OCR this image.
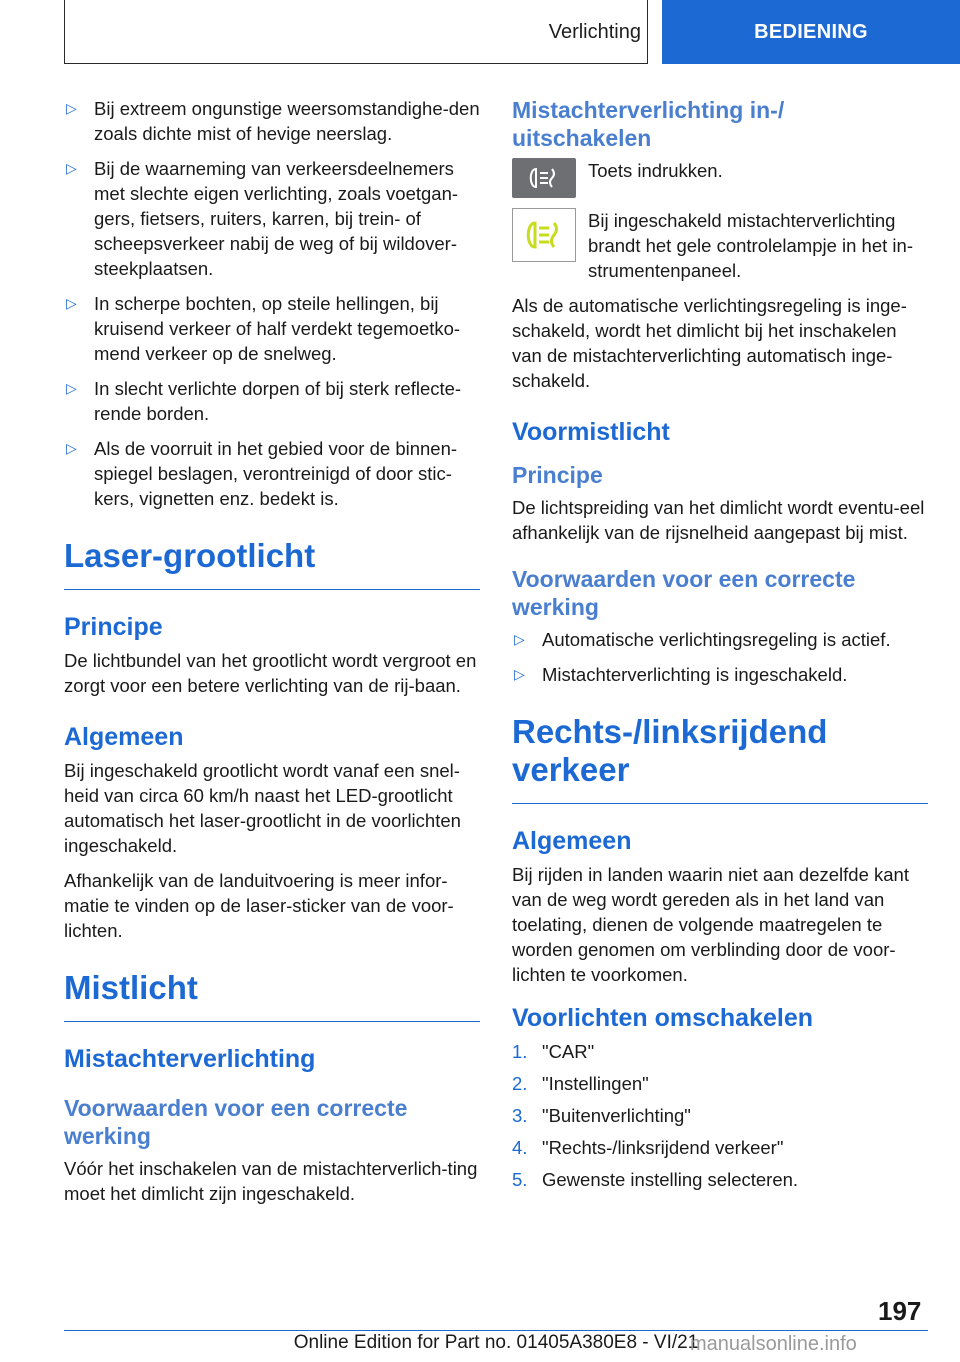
Verlichting	BEDIENING
▷ Bij extreem ongunstige weersomstandighe-den zoals dichte mist of hevige neerslag.
▷ Bij de waarneming van verkeersdeelnemers met slechte eigen verlichting, zoals voetgan-gers, fietsers, ruiters, karren, bij trein- of scheepsverkeer nabij de weg of bij wildover-steekplaatsen.
▷ In scherpe bochten, op steile hellingen, bij kruisend verkeer of half verdekt tegemoetko-mend verkeer op de snelweg.
▷ In slecht verlichte dorpen of bij sterk reflecte-rende borden.
▷ Als de voorruit in het gebied voor de binnen-spiegel beslagen, verontreinigd of door stic-kers, vignetten enz. bedekt is.
Laser-grootlicht
Principe

De lichtbundel van het grootlicht wordt vergroot en zorgt voor een betere verlichting van de rij-baan.

Algemeen

Bij ingeschakeld grootlicht wordt vanaf een snel-heid van circa 60 km/h naast het LED-grootlicht automatisch het laser-grootlicht in de voorlichten ingeschakeld.

Afhankelijk van de landuitvoering is meer infor-matie te vinden op de laser-sticker van de voor-lichten.

Mistlicht
Mistachterverlichting
Voorwaarden voor een correcte werking

Vóór het inschakelen van de mistachterverlich-ting moet het dimlicht zijn ingeschakeld.

Mistachterverlichting in-/ uitschakelen

Toets indrukken.

Bij ingeschakeld mistachterverlichting brandt het gele controlelampje in het in-strumentenpaneel.

Als de automatische verlichtingsregeling is inge-schakeld, wordt het dimlicht bij het inschakelen van de mistachterverlichting automatisch inge-schakeld.

Voormistlicht
Principe

De lichtspreiding van het dimlicht wordt eventu-eel afhankelijk van de rijsnelheid aangepast bij mist.

Voorwaarden voor een correcte werking
▷ Automatische verlichtingsregeling is actief.
▷ Mistachterverlichting is ingeschakeld.
Rechts-/linksrijdend verkeer
Algemeen

Bij rijden in landen waarin niet aan dezelfde kant van de weg wordt gereden als in het land van toelating, dienen de volgende maatregelen te worden genomen om verblinding door de voor-lichten te voorkomen.

Voorlichten omschakelen
1. "CAR"
2. "Instellingen"
3. "Buitenverlichting"
4. "Rechts-/linksrijdend verkeer"
5. Gewenste instelling selecteren.
197
Online Edition for Part no. 01405A380E8 - VI/21
manualsonline.info
